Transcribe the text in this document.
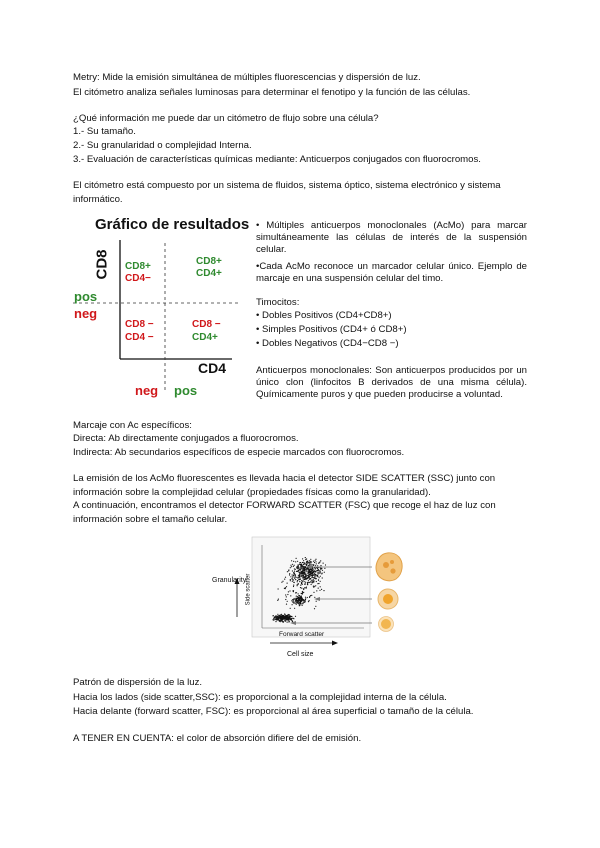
Metry: Mide la emisión simultánea de múltiples fluorescencias y dispersión de luz.
El citómetro analiza señales luminosas para determinar el fenotipo y la función de las células.
¿Qué información me puede dar un citómetro de flujo sobre una célula?
1.- Su tamaño.
2.- Su granularidad o complejidad Interna.
3.- Evaluación de características químicas mediante: Anticuerpos conjugados con fluorocromos.
El citómetro está compuesto por un sistema de fluidos, sistema óptico, sistema electrónico y sistema
informático.
Gráfico de resultados
CD8 CD8+
CD4−
CD8+
CD4+
pos
neg
CD8 −
CD4 −
CD8 −
CD4+
CD4
neg pos
• Múltiples anticuerpos monoclonales (AcMo) para marcar simultáneamente las células de interés de la suspensión celular.
•Cada AcMo reconoce un marcador celular único. Ejemplo de marcaje en una suspensión celular del timo.
Timocitos:
• Dobles Positivos (CD4+CD8+)
• Simples Positivos (CD4+ ó CD8+)
• Dobles Negativos (CD4−CD8 −)
Anticuerpos monoclonales: Son anticuerpos producidos por un único clon (linfocitos B derivados de una misma célula). Químicamente puros y que pueden producirse a voluntad.
Marcaje con Ac específicos:
Directa: Ab directamente conjugados a fluorocromos.
Indirecta: Ab secundarios específicos de especie marcados con fluorocromos.
La emisión de los AcMo fluorescentes es llevada hacia el detector SIDE SCATTER (SSC) junto con
información sobre la complejidad celular (propiedades físicas como la granularidad).
A continuación, encontramos el detector FORWARD SCATTER (FSC) que recoge el haz de luz con
información sobre el tamaño celular.
Granularity Side scatter
Forward scatter
Cell size
Patrón de dispersión de la luz.
Hacia los lados (side scatter,SSC): es proporcional a la complejidad interna de la célula.
Hacia delante (forward scatter, FSC): es proporcional al área superficial o tamaño de la célula.
A TENER EN CUENTA: el color de absorción difiere del de emisión.
